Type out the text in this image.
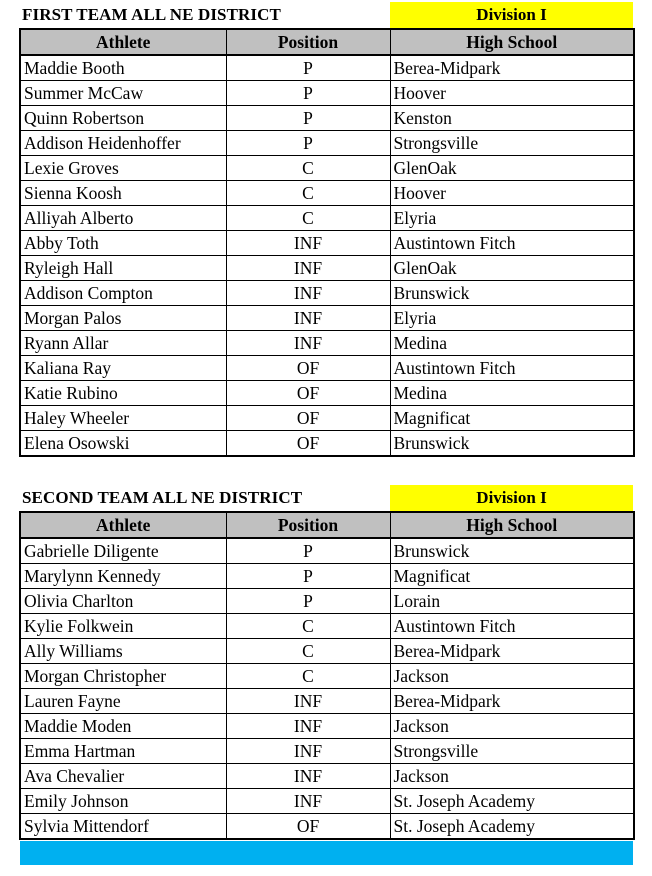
FIRST TEAM ALL NE DISTRICT	Division I
Athlete	Position	High School
Maddie Booth	P	Berea-Midpark
Summer McCaw	P	Hoover
Quinn Robertson	P	Kenston
Addison Heidenhoffer	P	Strongsville
Lexie Groves	C	GlenOak
Sienna Koosh	C	Hoover
Alliyah Alberto	C	Elyria
Abby Toth	INF	Austintown Fitch
Ryleigh Hall	INF	GlenOak
Addison Compton	INF	Brunswick
Morgan Palos	INF	Elyria
Ryann Allar	INF	Medina
Kaliana Ray	OF	Austintown Fitch
Katie Rubino	OF	Medina
Haley Wheeler	OF	Magnificat
Elena Osowski	OF	Brunswick
SECOND TEAM ALL NE DISTRICT	Division I
Athlete	Position	High School
Gabrielle Diligente	P	Brunswick
Marylynn Kennedy	P	Magnificat
Olivia Charlton	P	Lorain
Kylie Folkwein	C	Austintown Fitch
Ally Williams	C	Berea-Midpark
Morgan Christopher	C	Jackson
Lauren Fayne	INF	Berea-Midpark
Maddie Moden	INF	Jackson
Emma Hartman	INF	Strongsville
Ava Chevalier	INF	Jackson
Emily Johnson	INF	St. Joseph Academy
Sylvia Mittendorf	OF	St. Joseph Academy
